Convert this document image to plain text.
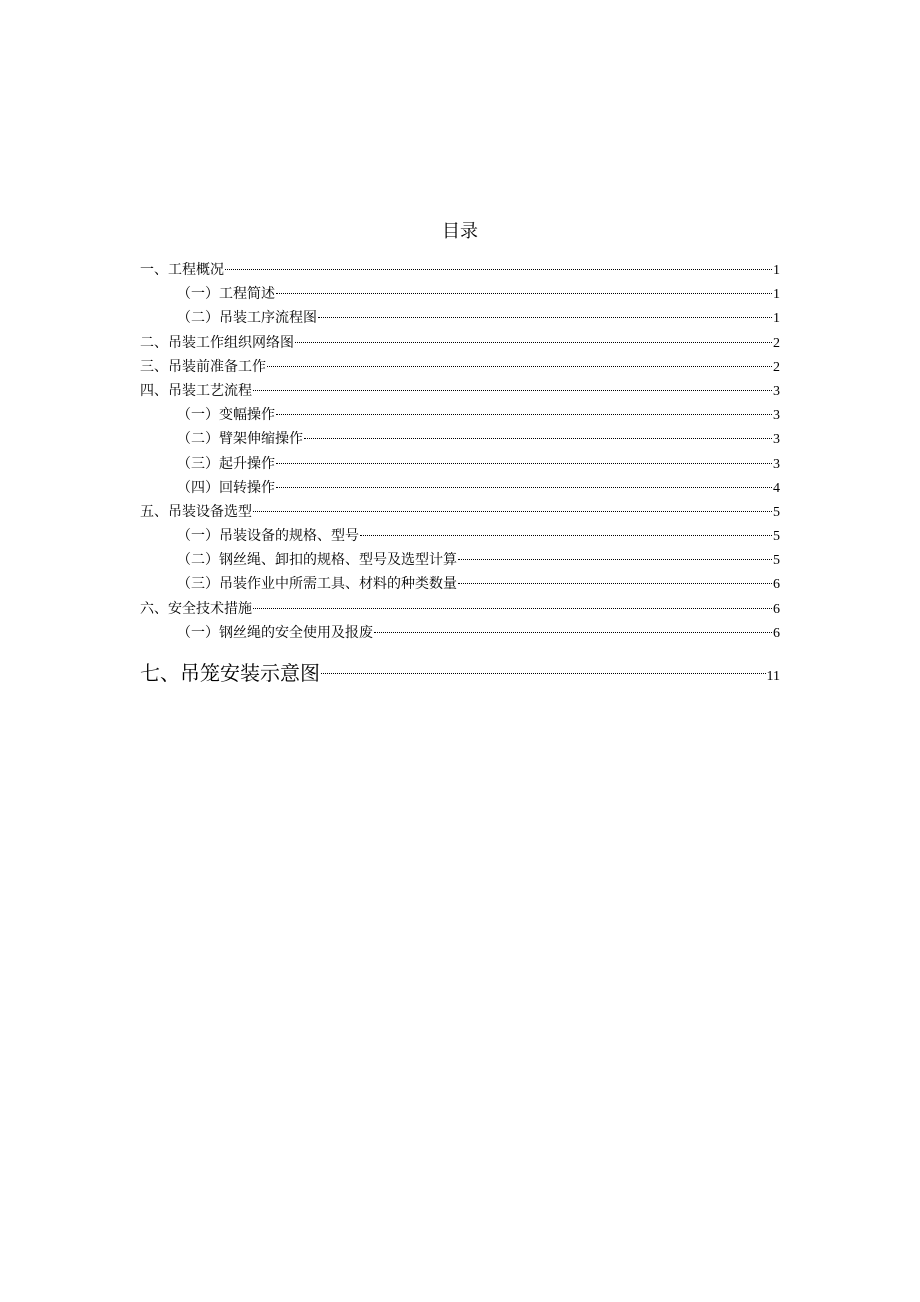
目录
一、工程概况	1
（一）工程简述	1
（二）吊装工序流程图	1
二、吊装工作组织网络图	2
三、吊装前准备工作	2
四、吊装工艺流程	3
（一）变幅操作	3
（二）臂架伸缩操作	3
（三）起升操作	3
（四）回转操作	4
五、吊装设备选型	5
（一）吊装设备的规格、型号	5
（二）钢丝绳、卸扣的规格、型号及选型计算	5
（三）吊装作业中所需工具、材料的种类数量	6
六、安全技术措施	6
（一）钢丝绳的安全使用及报废	6
七、吊笼安装示意图	11
